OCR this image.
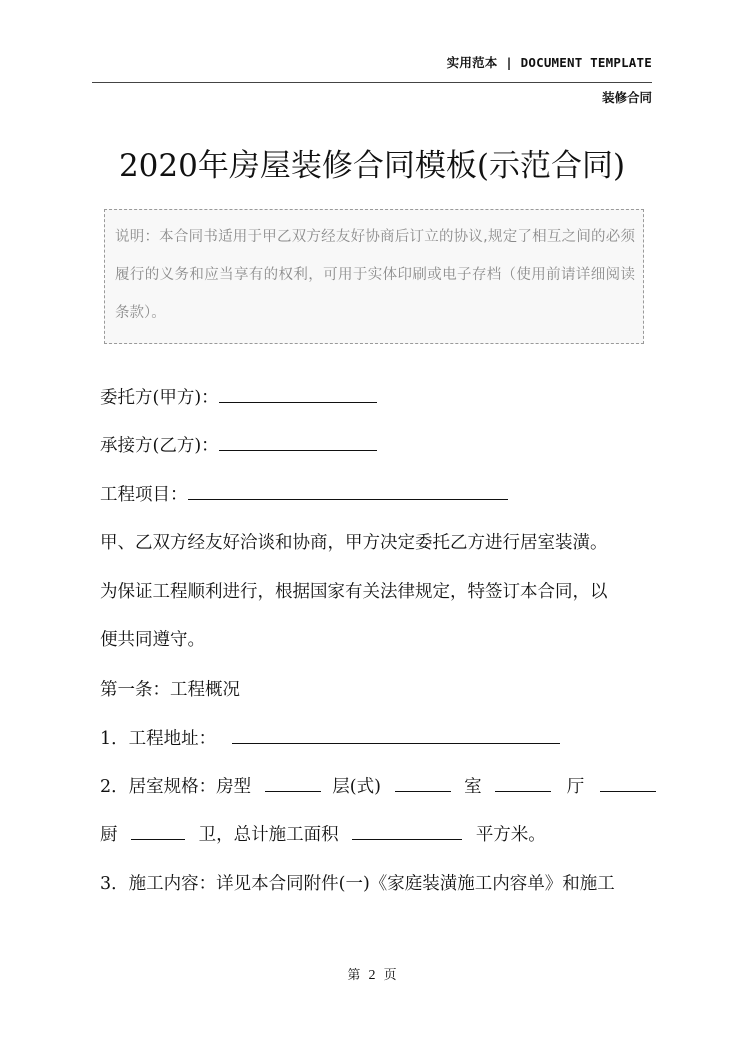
实用范本 | DOCUMENT TEMPLATE
装修合同
2020年房屋装修合同模板(示范合同)
说明：本合同书适用于甲乙双方经友好协商后订立的协议,规定了相互之间的必须履行的义务和应当享有的权利，可用于实体印刷或电子存档（使用前请详细阅读条款）。
委托方(甲方)：
承接方(乙方)：
工程项目：
甲、乙双方经友好洽谈和协商，甲方决定委托乙方进行居室装潢。
为保证工程顺利进行，根据国家有关法律规定，特签订本合同，以
便共同遵守。
第一条：工程概况
1．工程地址：
2．居室规格：房型	层(式)	室	厅
厨	卫，总计施工面积	平方米。
3．施工内容：详见本合同附件(一)《家庭装潢施工内容单》和施工
第 2 页
